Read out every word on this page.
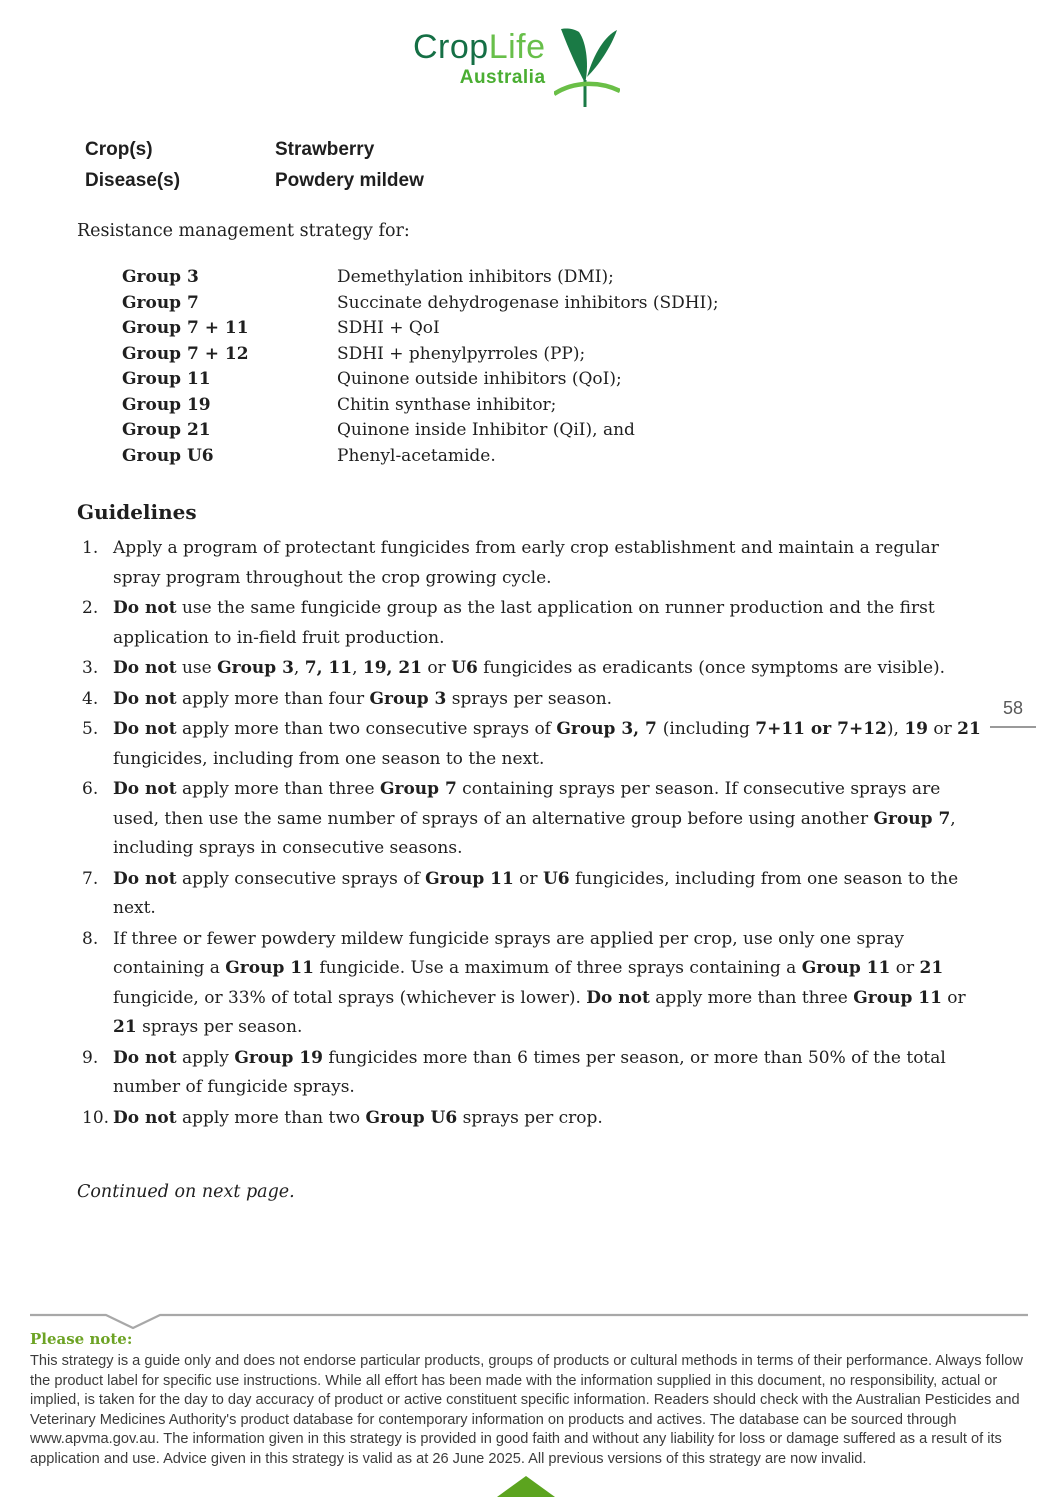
CropLife
Australia
Crop(s)	Strawberry
Disease(s)	Powdery mildew
Resistance management strategy for:
Group 3	Demethylation inhibitors (DMI);
Group 7	Succinate dehydrogenase inhibitors (SDHI);
Group 7 + 11	SDHI + QoI
Group 7 + 12	SDHI + phenylpyrroles (PP);
Group 11	Quinone outside inhibitors (QoI);
Group 19	Chitin synthase inhibitor;
Group 21	Quinone inside Inhibitor (QiI), and
Group U6	Phenyl-acetamide.
Guidelines
1. Apply a program of protectant fungicides from early crop establishment and maintain a regular spray program throughout the crop growing cycle.
2. Do not use the same fungicide group as the last application on runner production and the first application to in-field fruit production.
3. Do not use Group 3, 7, 11, 19, 21 or U6 fungicides as eradicants (once symptoms are visible).
4. Do not apply more than four Group 3 sprays per season.
5. Do not apply more than two consecutive sprays of Group 3, 7 (including 7+11 or 7+12), 19 or 21 fungicides, including from one season to the next.
6. Do not apply more than three Group 7 containing sprays per season. If consecutive sprays are used, then use the same number of sprays of an alternative group before using another Group 7, including sprays in consecutive seasons.
7. Do not apply consecutive sprays of Group 11 or U6 fungicides, including from one season to the next.
8. If three or fewer powdery mildew fungicide sprays are applied per crop, use only one spray containing a Group 11 fungicide. Use a maximum of three sprays containing a Group 11 or 21 fungicide, or 33% of total sprays (whichever is lower). Do not apply more than three Group 11 or 21 sprays per season.
9. Do not apply Group 19 fungicides more than 6 times per season, or more than 50% of the total number of fungicide sprays.
10. Do not apply more than two Group U6 sprays per crop.
58
Continued on next page.
Please note:
This strategy is a guide only and does not endorse particular products, groups of products or cultural methods in terms of their performance. Always follow the product label for specific use instructions. While all effort has been made with the information supplied in this document, no responsibility, actual or implied, is taken for the day to day accuracy of product or active constituent specific information. Readers should check with the Australian Pesticides and Veterinary Medicines Authority's product database for contemporary information on products and actives. The database can be sourced through www.apvma.gov.au. The information given in this strategy is provided in good faith and without any liability for loss or damage suffered as a result of its application and use. Advice given in this strategy is valid as at 26 June 2025. All previous versions of this strategy are now invalid.
